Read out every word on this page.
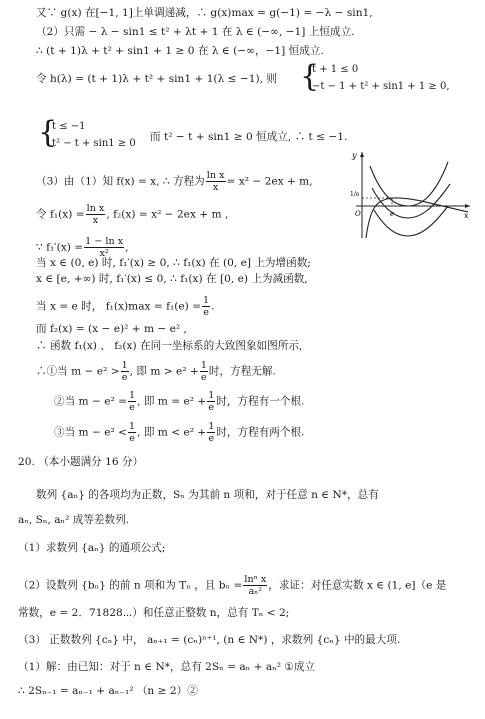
又∵ g(x) 在[−1, 1]上单调递减，∴ g(x)max = g(−1) = −λ − sin1,
（2）只需 − λ − sin1 ≤ t² + λt + 1 在 λ ∈ (−∞, −1] 上恒成立.
∴ (t + 1)λ + t² + sin1 + 1 ≥ 0 在 λ ∈ (−∞，−1] 恒成立.
令 h(λ) = (t + 1)λ + t² + sin1 + 1(λ ≤ −1), 则 {
t + 1 ≤ 0
−t − 1 + t² + sin1 + 1 ≥ 0,
{
t ≤ −1
t² − t + sin1 ≥ 0
而 t² − t + sin1 ≥ 0 恒成立, ∴ t ≤ −1.
（3）由（1）知 f(x) = x, ∴ 方程为 $\frac{\text{ln x}}{x} = x^2 - 2ex + m$,
令 $f_1(x) = \frac{\text{ln x}}{x}$ , f₂(x) = x² − 2ex + m ,
∵ $f_1'(x) = \frac{\text{1 − ln x}}{\text{x²}}$ ,
当 x ∈ (0, e) 时, f₁′(x) ≥ 0, ∴ f₁(x) 在 (0, e] 上为增函数;
x ∈ [e, +∞) 时, f₁′(x) ≤ 0, ∴ f₁(x) 在 [0, e) 上为减函数,
当 x = e 时， $f_1(x)\max = f_1(e) = \frac{1}{e}$ .
而 f₂(x) = (x − e)² + m − e² ,
∴ 函数 f₁(x) 、 f₂(x) 在同一坐标系的大致图象如图所示,
∴①当 $m - e^2 > \frac{1}{e}$ , 即 $m > e^2 + \frac{1}{e}$ 时，方程无解.
②当 $m - e^2 = \frac{1}{e}$ , 即 $m = e^2 + \frac{1}{e}$ 时，方程有一个根.
③当 $m - e^2 < \frac{1}{e}$ , 即 $m < e^2 + \frac{1}{e}$ 时，方程有两个根.
20. （本小题满分 16 分）
数列 {aₙ} 的各项均为正数，Sₙ 为其前 n 项和，对于任意 n ∈ N*，总有
aₙ, Sₙ, aₙ² 成等差数列.
（1）求数列 {aₙ} 的通项公式;
（2）设数列 {bₙ} 的前 n 项和为 Tₙ ，且 $b_n = \frac{\text{lnⁿ x}}{\text{aₙ²}}$ ，求证：对任意实数 x ∈ (1, e]（e 是
常数，e = 2．71828⋯）和任意正整数 n，总有 Tₙ < 2;
（3） 正数数列 {cₙ} 中， aₙ₊₁ = (cₙ)ⁿ⁺¹, (n ∈ N*) ，求数列 {cₙ} 中的最大项.
（1）解：由已知：对于 n ∈ N*，总有 2Sₙ = aₙ + aₙ² ①成立
∴ 2Sₙ₋₁ = aₙ₋₁ + aₙ₋₁² （n ≥ 2）②
y
x
O	e
1/e
